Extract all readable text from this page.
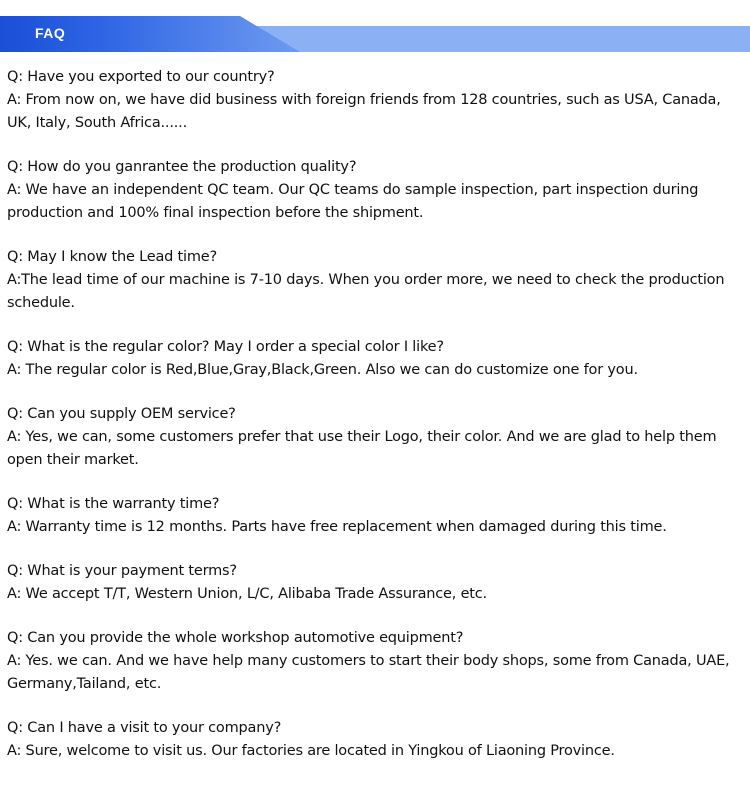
FAQ

Q: Have you exported to our country?

A: From now on, we have did business with foreign friends from 128 countries, such as USA, Canada, UK, Italy, South Africa......

Q: How do you ganrantee the production quality?

A: We have an independent QC team. Our QC teams do sample inspection, part inspection during production and 100% final inspection before the shipment.

Q: May I know the Lead time?

A:The lead time of our machine is 7-10 days. When you order more, we need to check the production schedule.

Q: What is the regular color? May I order a special color I like?

A: The regular color is Red,Blue,Gray,Black,Green. Also we can do customize one for you.

Q: Can you supply OEM service?

A: Yes, we can, some customers prefer that use their Logo, their color. And we are glad to help them open their market.

Q: What is the warranty time?

A: Warranty time is 12 months. Parts have free replacement when damaged during this time.

Q: What is your payment terms?

A: We accept T/T, Western Union, L/C, Alibaba Trade Assurance, etc.

Q: Can you provide the whole workshop automotive equipment?

A: Yes. we can. And we have help many customers to start their body shops, some from Canada, UAE, Germany,Tailand, etc.

Q: Can I have a visit to your company?

A: Sure, welcome to visit us. Our factories are located in Yingkou of Liaoning Province.
